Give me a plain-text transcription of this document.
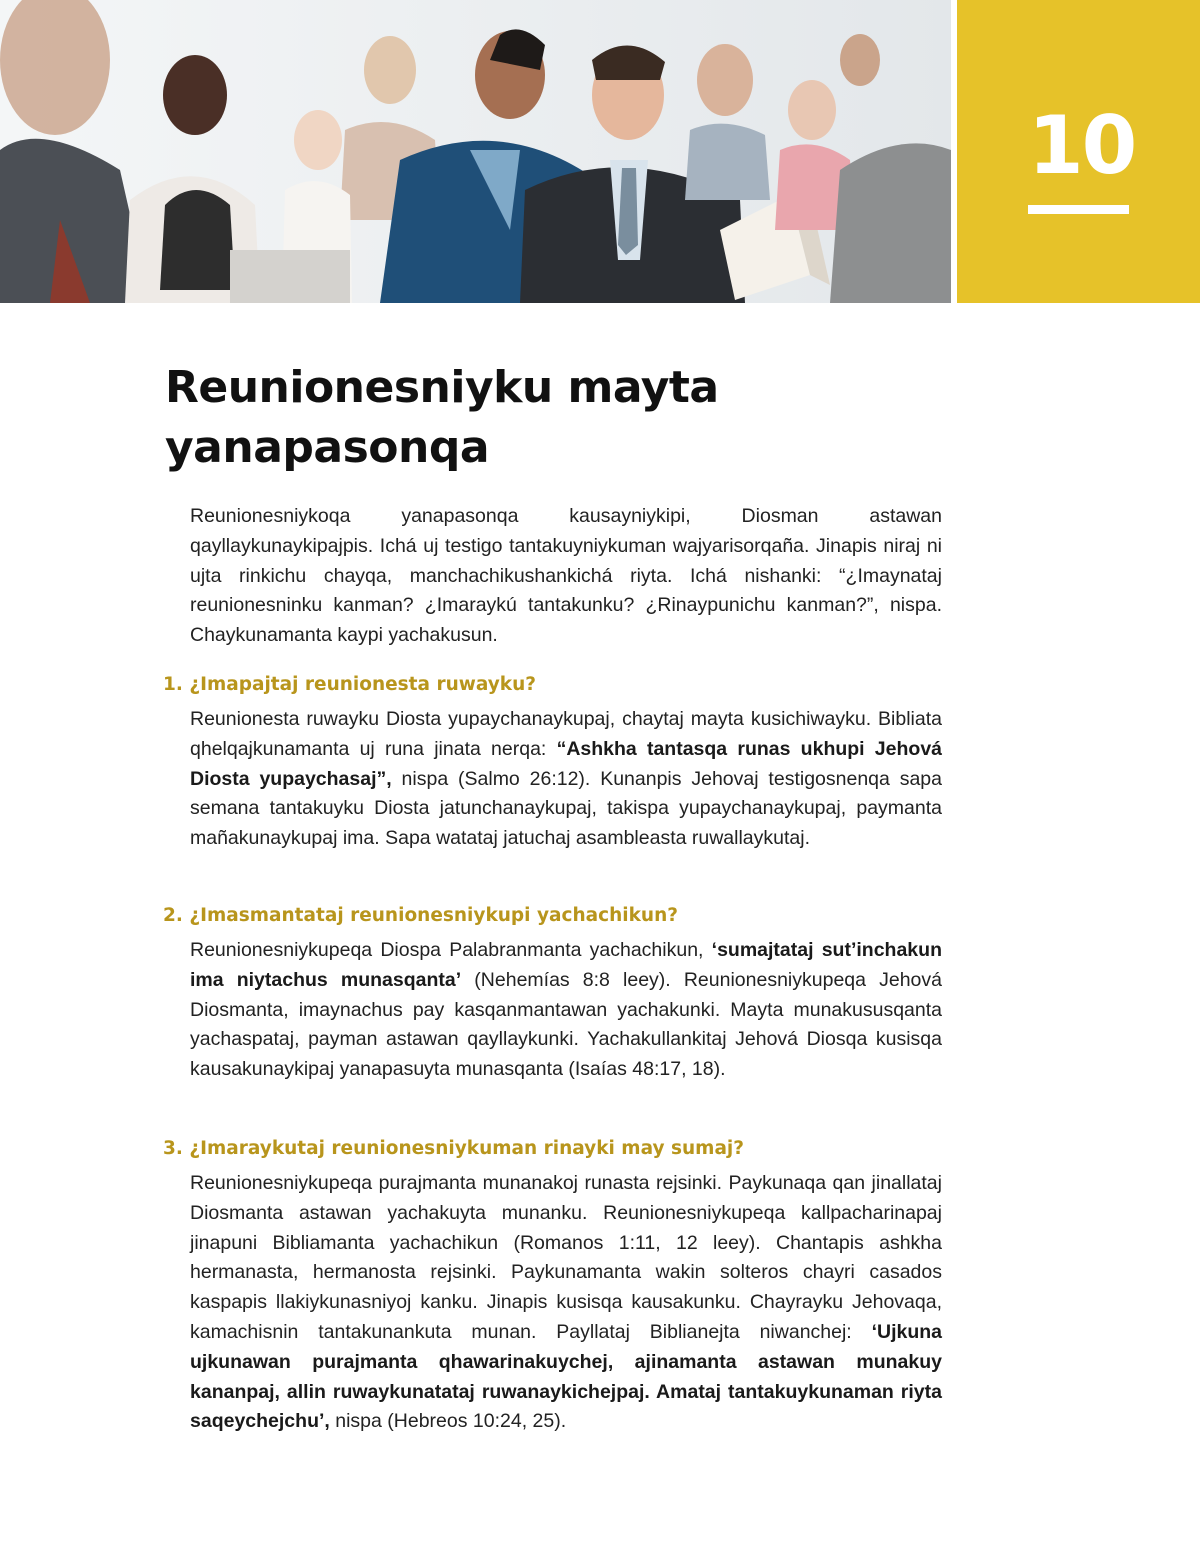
10
Reunionesniyku mayta yanapasonqa

Reunionesniykoqa yanapasonqa kausayniykipi, Diosman astawan qayllaykunaykipajpis. Ichá uj testigo tantakuyniykuman wajyarisorqaña. Jinapis niraj ni ujta rinkichu chayqa, manchachikushankichá riyta. Ichá nishanki: “¿Imaynataj reunionesninku kanman? ¿Imaraykú tantakunku? ¿Rinaypunichu kanman?”, nispa. Chaykunamanta kaypi yachakusun.

1. ¿Imapajtaj reunionesta ruwayku?

Reunionesta ruwayku Diosta yupaychanaykupaj, chaytaj mayta kusichiwayku. Bibliata qhelqajkunamanta uj runa jinata nerqa: “Ashkha tantasqa runas ukhupi Jehová Diosta yupaychasaj”, nispa (Salmo 26:12). Kunanpis Jehovaj testigosnenqa sapa semana tantakuyku Diosta jatunchanaykupaj, takispa yupaychanaykupaj, paymanta mañakunaykupaj ima. Sapa watataj jatuchaj asambleasta ruwallaykutaj.

2. ¿Imasmantataj reunionesniykupi yachachikun?

Reunionesniykupeqa Diospa Palabranmanta yachachikun, ‘sumajtataj sut’inchakun ima niytachus munasqanta’ (Nehemías 8:8 leey). Reunionesniykupeqa Jehová Diosmanta, imaynachus pay kasqanmantawan yachakunki. Mayta munakususqanta yachaspataj, payman astawan qayllaykunki. Yachakullankitaj Jehová Diosqa kusisqa kausakunaykipaj yanapasuyta munasqanta (Isaías 48:17, 18).

3. ¿Imaraykutaj reunionesniykuman rinayki may sumaj?

Reunionesniykupeqa purajmanta munanakoj runasta rejsinki. Paykunaqa qan jinallataj Diosmanta astawan yachakuyta munanku. Reunionesniykupeqa kallpacharinapaj jinapuni Bibliamanta yachachikun (Romanos 1:11, 12 leey). Chantapis ashkha hermanasta, hermanosta rejsinki. Paykunamanta wakin solteros chayri casados kaspapis llakiykunasniyoj kanku. Jinapis kusisqa kausakunku. Chayrayku Jehovaqa, kamachisnin tantakunankuta munan. Payllataj Biblianejta niwanchej: ‘Ujkuna ujkunawan purajmanta qhawarinakuychej, ajinamanta astawan munakuy kananpaj, allin ruwaykunatataj ruwanaykichejpaj. Amataj tantakuykunaman riyta saqeychejchu’, nispa (Hebreos 10:24, 25).
